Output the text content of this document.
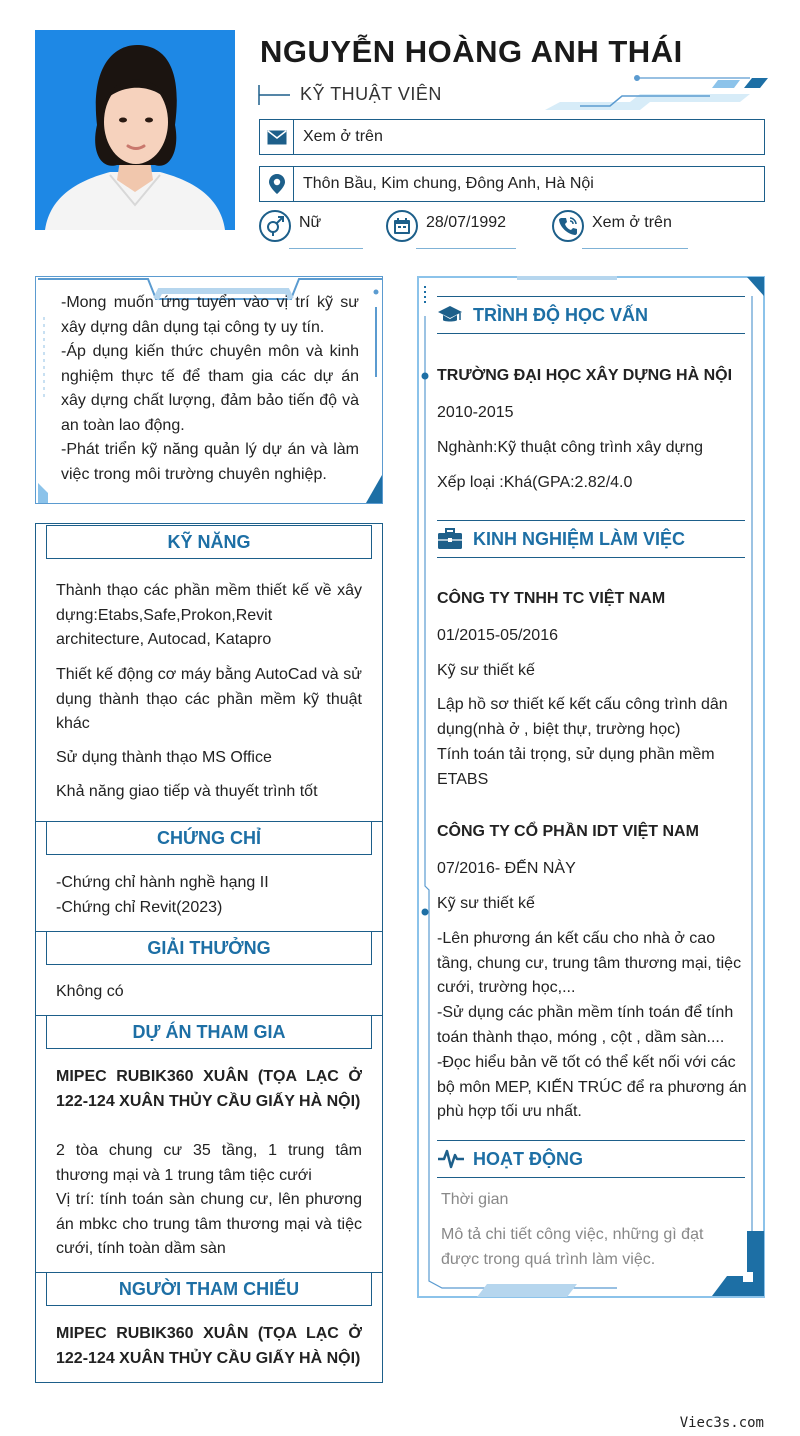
NGUYỄN HOÀNG ANH THÁI
KỸ THUẬT VIÊN
Xem ở trên
Thôn Bầu, Kim chung, Đông Anh, Hà Nội
Nữ	28/07/1992	Xem ở trên
-Mong muốn ứng tuyển vào vị trí kỹ sư xây dựng dân dụng tại công ty uy tín.
-Áp dụng kiến thức chuyên môn và kinh nghiệm thực tế để tham gia các dự án xây dựng chất lượng, đảm bảo tiến độ và an toàn lao động.
-Phát triển kỹ năng quản lý dự án và làm việc trong môi trường chuyên nghiệp.
KỸ NĂNG
Thành thạo các phần mềm thiết kế về xây dựng:Etabs,Safe,Prokon,Revit architecture, Autocad, Katapro
Thiết kế động cơ máy bằng AutoCad và sử dụng thành thạo các phần mềm kỹ thuật khác
Sử dụng thành thạo MS Office
Khả năng giao tiếp và thuyết trình tốt
CHỨNG CHỈ
-Chứng chỉ hành nghề hạng II
-Chứng chỉ Revit(2023)
GIẢI THƯỞNG
Không có
DỰ ÁN THAM GIA
MIPEC RUBIK360 XUÂN (TỌA LẠC Ở 122-124 XUÂN THỦY CẦU GIẤY HÀ NỘI)
2 tòa chung cư 35 tầng, 1 trung tâm thương mại và 1 trung tâm tiệc cưới
Vị trí: tính toán sàn chung cư, lên phương án mbkc cho trung tâm thương mại và tiệc cưới, tính toàn dầm sàn
NGƯỜI THAM CHIẾU
MIPEC RUBIK360 XUÂN (TỌA LẠC Ở 122-124 XUÂN THỦY CẦU GIẤY HÀ NỘI)
TRÌNH ĐỘ HỌC VẤN
TRƯỜNG ĐẠI HỌC XÂY DỰNG HÀ NỘI
2010-2015
Nghành:Kỹ thuật công trình xây dựng
Xếp loại :Khá(GPA:2.82/4.0
KINH NGHIỆM LÀM VIỆC
CÔNG TY TNHH TC VIỆT NAM
01/2015-05/2016
Kỹ sư thiết kế
Lập hồ sơ thiết kế kết cấu công trình dân dụng(nhà ở , biệt thự, trường học)
Tính toán tải trọng, sử dụng phần mềm ETABS
CÔNG TY CỔ PHẦN IDT VIỆT NAM
07/2016- ĐẾN NÀY
Kỹ sư thiết kế
-Lên phương án kết cấu cho nhà ở cao tầng, chung cư, trung tâm thương mại, tiệc cưới, trường học,...
-Sử dụng các phần mềm tính toán để tính toán thành thạo, móng , cột , dầm sàn....
-Đọc hiểu bản vẽ tốt có thể kết nối với các bộ môn MEP, KIẾN TRÚC để ra phương án phù hợp tối ưu nhất.
HOẠT ĐỘNG
Thời gian
Mô tả chi tiết công việc, những gì đạt được trong quá trình làm việc.
Viec3s.com
